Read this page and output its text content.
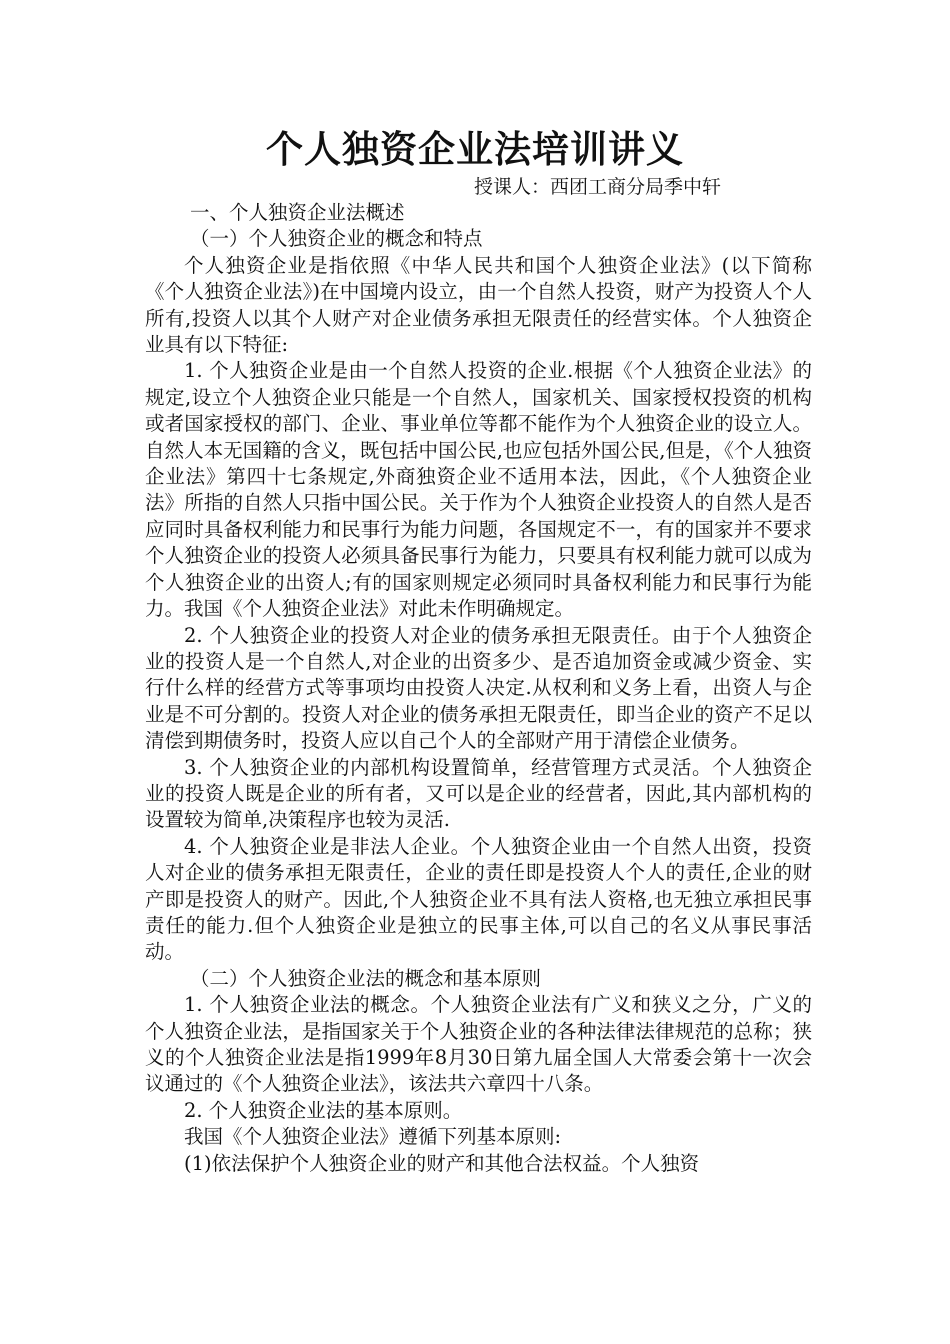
个人独资企业法培训讲义
授课人：西团工商分局季中轩

一、个人独资企业法概述

（一）个人独资企业的概念和特点

个人独资企业是指依照《中华人民共和国个人独资企业法》(以下简称《个人独资企业法》)在中国境内设立，由一个自然人投资，财产为投资人个人所有,投资人以其个人财产对企业债务承担无限责任的经营实体。个人独资企业具有以下特征:

1. 个人独资企业是由一个自然人投资的企业.根据《个人独资企业法》的规定,设立个人独资企业只能是一个自然人，国家机关、国家授权投资的机构或者国家授权的部门、企业、事业单位等都不能作为个人独资企业的设立人。自然人本无国籍的含义，既包括中国公民,也应包括外国公民,但是，《个人独资企业法》第四十七条规定,外商独资企业不适用本法，因此，《个人独资企业法》所指的自然人只指中国公民。关于作为个人独资企业投资人的自然人是否应同时具备权利能力和民事行为能力问题，各国规定不一，有的国家并不要求个人独资企业的投资人必须具备民事行为能力，只要具有权利能力就可以成为个人独资企业的出资人;有的国家则规定必须同时具备权利能力和民事行为能力。我国《个人独资企业法》对此未作明确规定。

2. 个人独资企业的投资人对企业的债务承担无限责任。由于个人独资企业的投资人是一个自然人,对企业的出资多少、是否追加资金或减少资金、实行什么样的经营方式等事项均由投资人决定.从权利和义务上看，出资人与企业是不可分割的。投资人对企业的债务承担无限责任，即当企业的资产不足以清偿到期债务时，投资人应以自己个人的全部财产用于清偿企业债务。

3. 个人独资企业的内部机构设置简单，经营管理方式灵活。个人独资企业的投资人既是企业的所有者，又可以是企业的经营者，因此,其内部机构的设置较为简单,决策程序也较为灵活.

4. 个人独资企业是非法人企业。个人独资企业由一个自然人出资，投资人对企业的债务承担无限责任，企业的责任即是投资人个人的责任,企业的财产即是投资人的财产。因此,个人独资企业不具有法人资格,也无独立承担民事责任的能力.但个人独资企业是独立的民事主体,可以自己的名义从事民事活动。

（二）个人独资企业法的概念和基本原则

1. 个人独资企业法的概念。个人独资企业法有广义和狭义之分，广义的个人独资企业法，是指国家关于个人独资企业的各种法律法律规范的总称；狭义的个人独资企业法是指1999年8月30日第九届全国人大常委会第十一次会议通过的《个人独资企业法》，该法共六章四十八条。

2. 个人独资企业法的基本原则。

我国《个人独资企业法》遵循下列基本原则:

(1)依法保护个人独资企业的财产和其他合法权益。个人独资
